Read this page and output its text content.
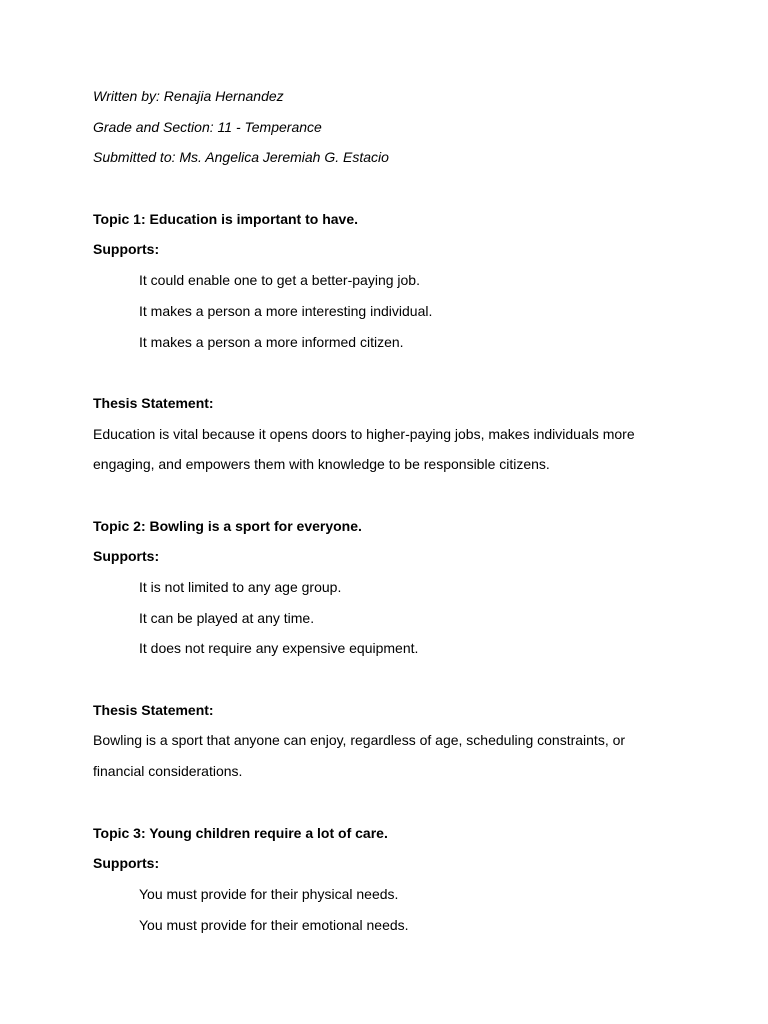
Written by: Renajia Hernandez
Grade and Section: 11 - Temperance
Submitted to: Ms. Angelica Jeremiah G. Estacio
Topic 1: Education is important to have.
Supports:
It could enable one to get a better-paying job.
It makes a person a more interesting individual.
It makes a person a more informed citizen.
Thesis Statement:
Education is vital because it opens doors to higher-paying jobs, makes individuals more
engaging, and empowers them with knowledge to be responsible citizens.
Topic 2: Bowling is a sport for everyone.
Supports:
It is not limited to any age group.
It can be played at any time.
It does not require any expensive equipment.
Thesis Statement:
Bowling is a sport that anyone can enjoy, regardless of age, scheduling constraints, or
financial considerations.
Topic 3: Young children require a lot of care.
Supports:
You must provide for their physical needs.
You must provide for their emotional needs.
